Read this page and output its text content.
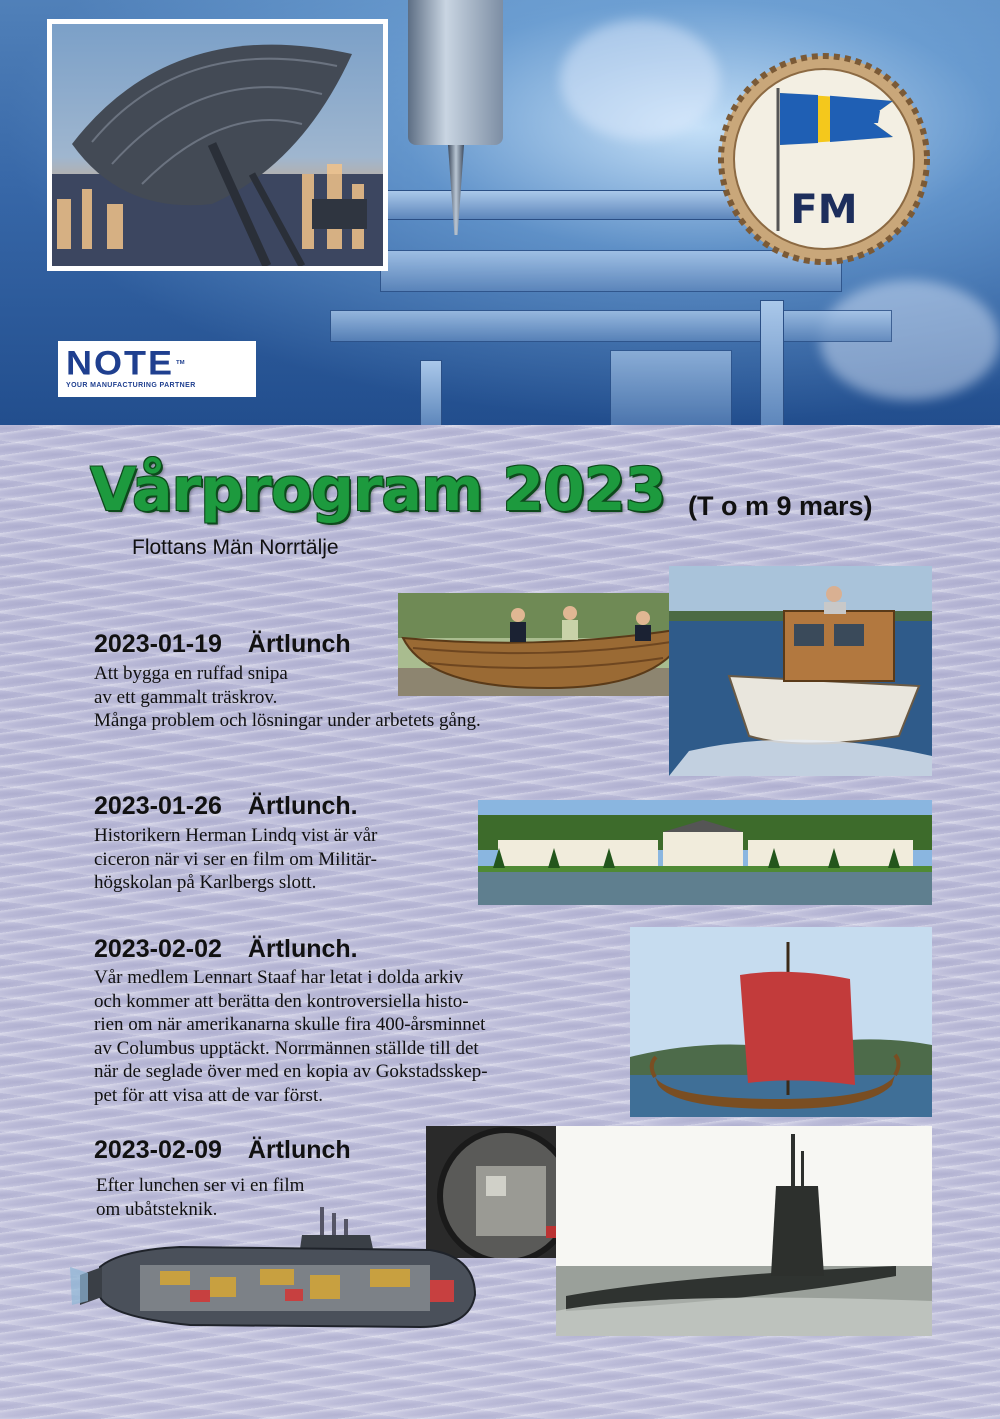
NOTE ™
YOUR MANUFACTURING PARTNER
FM
Vårprogram 2023 (T o m 9 mars)
Flottans Män Norrtälje
2023-01-19 Ärtlunch
Att bygga en ruffad snipa
av ett gammalt träskrov.
Många problem och lösningar under arbetets gång.
2023-01-26 Ärtlunch.
Historikern Herman Lindq vist är vår
ciceron när vi ser en film om Militär-
högskolan på Karlbergs slott.
2023-02-02 Ärtlunch.
Vår medlem Lennart Staaf har letat i dolda arkiv
och kommer att berätta den kontroversiella histo-
rien om när amerikanarna skulle fira 400-årsminnet
av Columbus upptäckt. Norrmännen ställde till det
när de seglade över med en kopia av Gokstadsskep-
pet för att visa att de var först.
2023-02-09 Ärtlunch
Efter lunchen ser vi en film
om ubåtsteknik.
